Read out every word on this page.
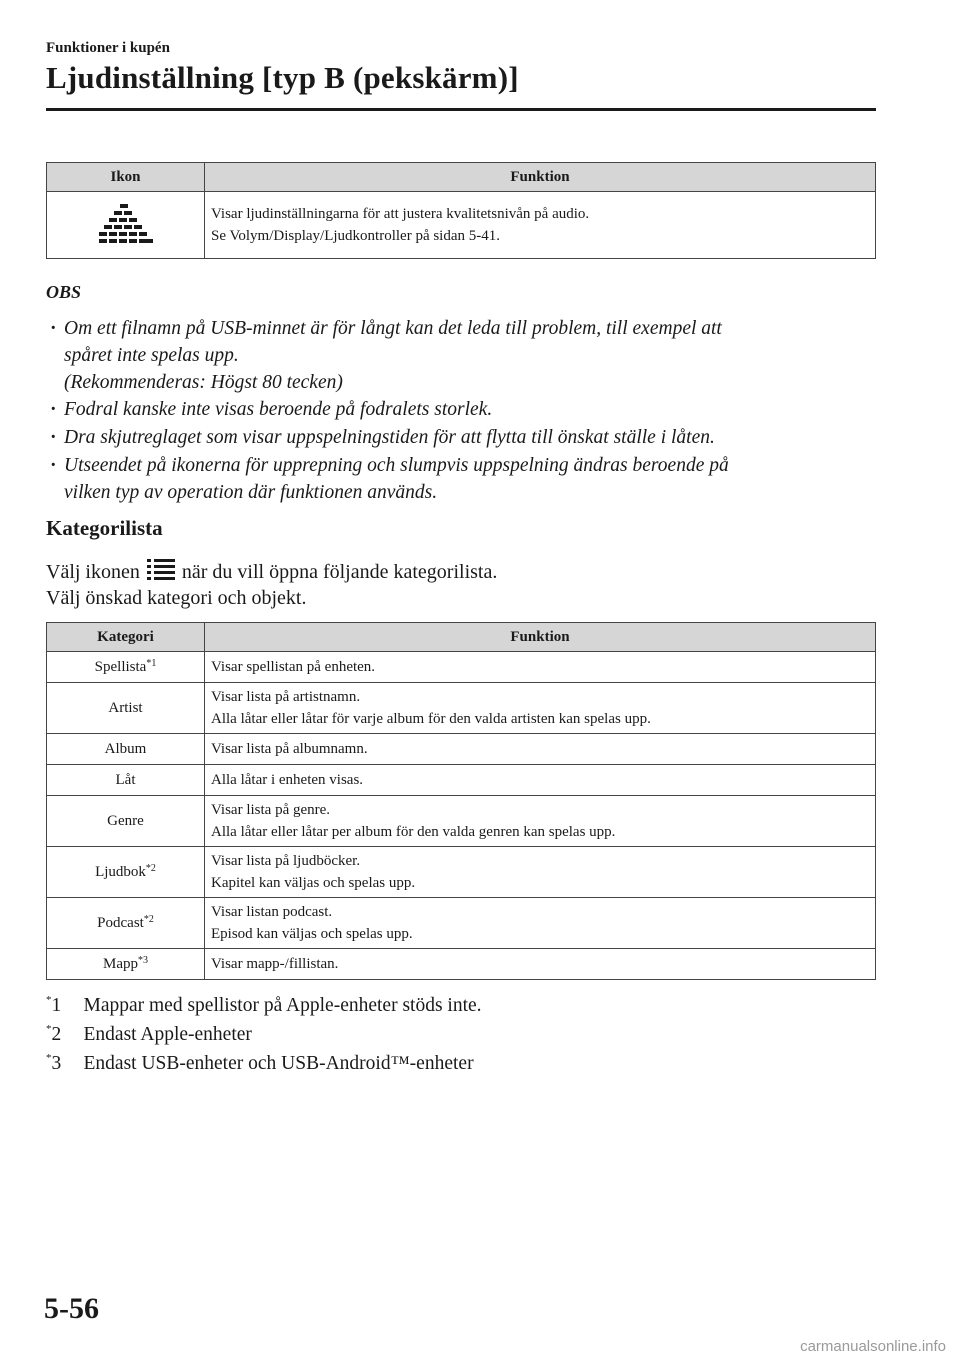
Funktioner i kupén
Ljudinställning [typ B (pekskärm)]
Ikon	Funktion

Visar ljudinställningarna för att justera kvalitetsnivån på audio.
Se Volym/Display/Ljudkontroller på sidan 5-41.
OBS
· Om ett filnamn på USB-minnet är för långt kan det leda till problem, till exempel att
spåret inte spelas upp.
(Rekommenderas: Högst 80 tecken)
· Fodral kanske inte visas beroende på fodralets storlek.
· Dra skjutreglaget som visar uppspelningstiden för att flytta till önskat ställe i låten.
· Utseendet på ikonerna för upprepning och slumpvis uppspelning ändras beroende på
vilken typ av operation där funktionen används.
Kategorilista
Välj ikonen när du vill öppna följande kategorilista.
Välj önskad kategori och objekt.
Kategori	Funktion
Spellista$^{*1}$	Visar spellistan på enheten.

Artist	Visar lista på artistnamn.
Alla låtar eller låtar för varje album för den valda artisten kan spelas upp.

Album	Visar lista på albumnamn.

Låt	Alla låtar i enheten visas.

Genre	Visar lista på genre.
Alla låtar eller låtar per album för den valda genren kan spelas upp.

Ljudbok$^{*2}$	Visar lista på ljudböcker.
Kapitel kan väljas och spelas upp.

Podcast$^{*2}$	Visar listan podcast.
Episod kan väljas och spelas upp.

Mapp$^{*3}$	Visar mapp-/fillistan.
*1 Mappar med spellistor på Apple-enheter stöds inte.
*2 Endast Apple-enheter
*3 Endast USB-enheter och USB-Android™-enheter
5-56
carmanualsonline.info
